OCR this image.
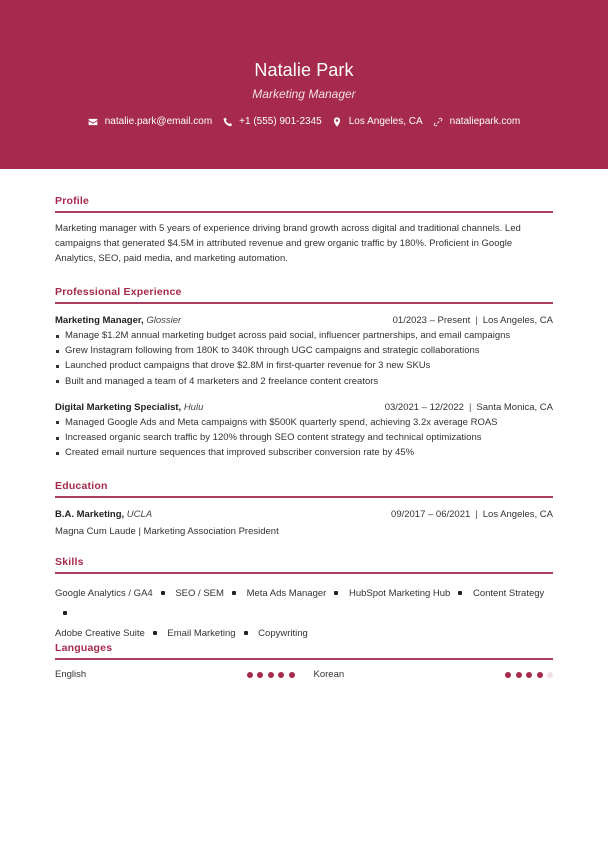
Natalie Park
Marketing Manager
natalie.park@email.com	+1 (555) 901-2345	Los Angeles, CA	nataliepark.com
Profile
Marketing manager with 5 years of experience driving brand growth across digital and traditional channels. Led campaigns that generated $4.5M in attributed revenue and grew organic traffic by 180%. Proficient in Google Analytics, SEO, paid media, and marketing automation.
Professional Experience
Marketing Manager, Glossier	01/2023 – Present | Los Angeles, CA
Manage $1.2M annual marketing budget across paid social, influencer partnerships, and email campaigns
Grew Instagram following from 180K to 340K through UGC campaigns and strategic collaborations
Launched product campaigns that drove $2.8M in first-quarter revenue for 3 new SKUs
Built and managed a team of 4 marketers and 2 freelance content creators
Digital Marketing Specialist, Hulu	03/2021 – 12/2022 | Santa Monica, CA
Managed Google Ads and Meta campaigns with $500K quarterly spend, achieving 3.2x average ROAS
Increased organic search traffic by 120% through SEO content strategy and technical optimizations
Created email nurture sequences that improved subscriber conversion rate by 45%
Education
B.A. Marketing, UCLA	09/2017 – 06/2021 | Los Angeles, CA
Magna Cum Laude | Marketing Association President
Skills
Google Analytics / GA4 SEO / SEM Meta Ads Manager HubSpot Marketing Hub Content Strategy
Adobe Creative Suite Email Marketing Copywriting
Languages
English	Korean
